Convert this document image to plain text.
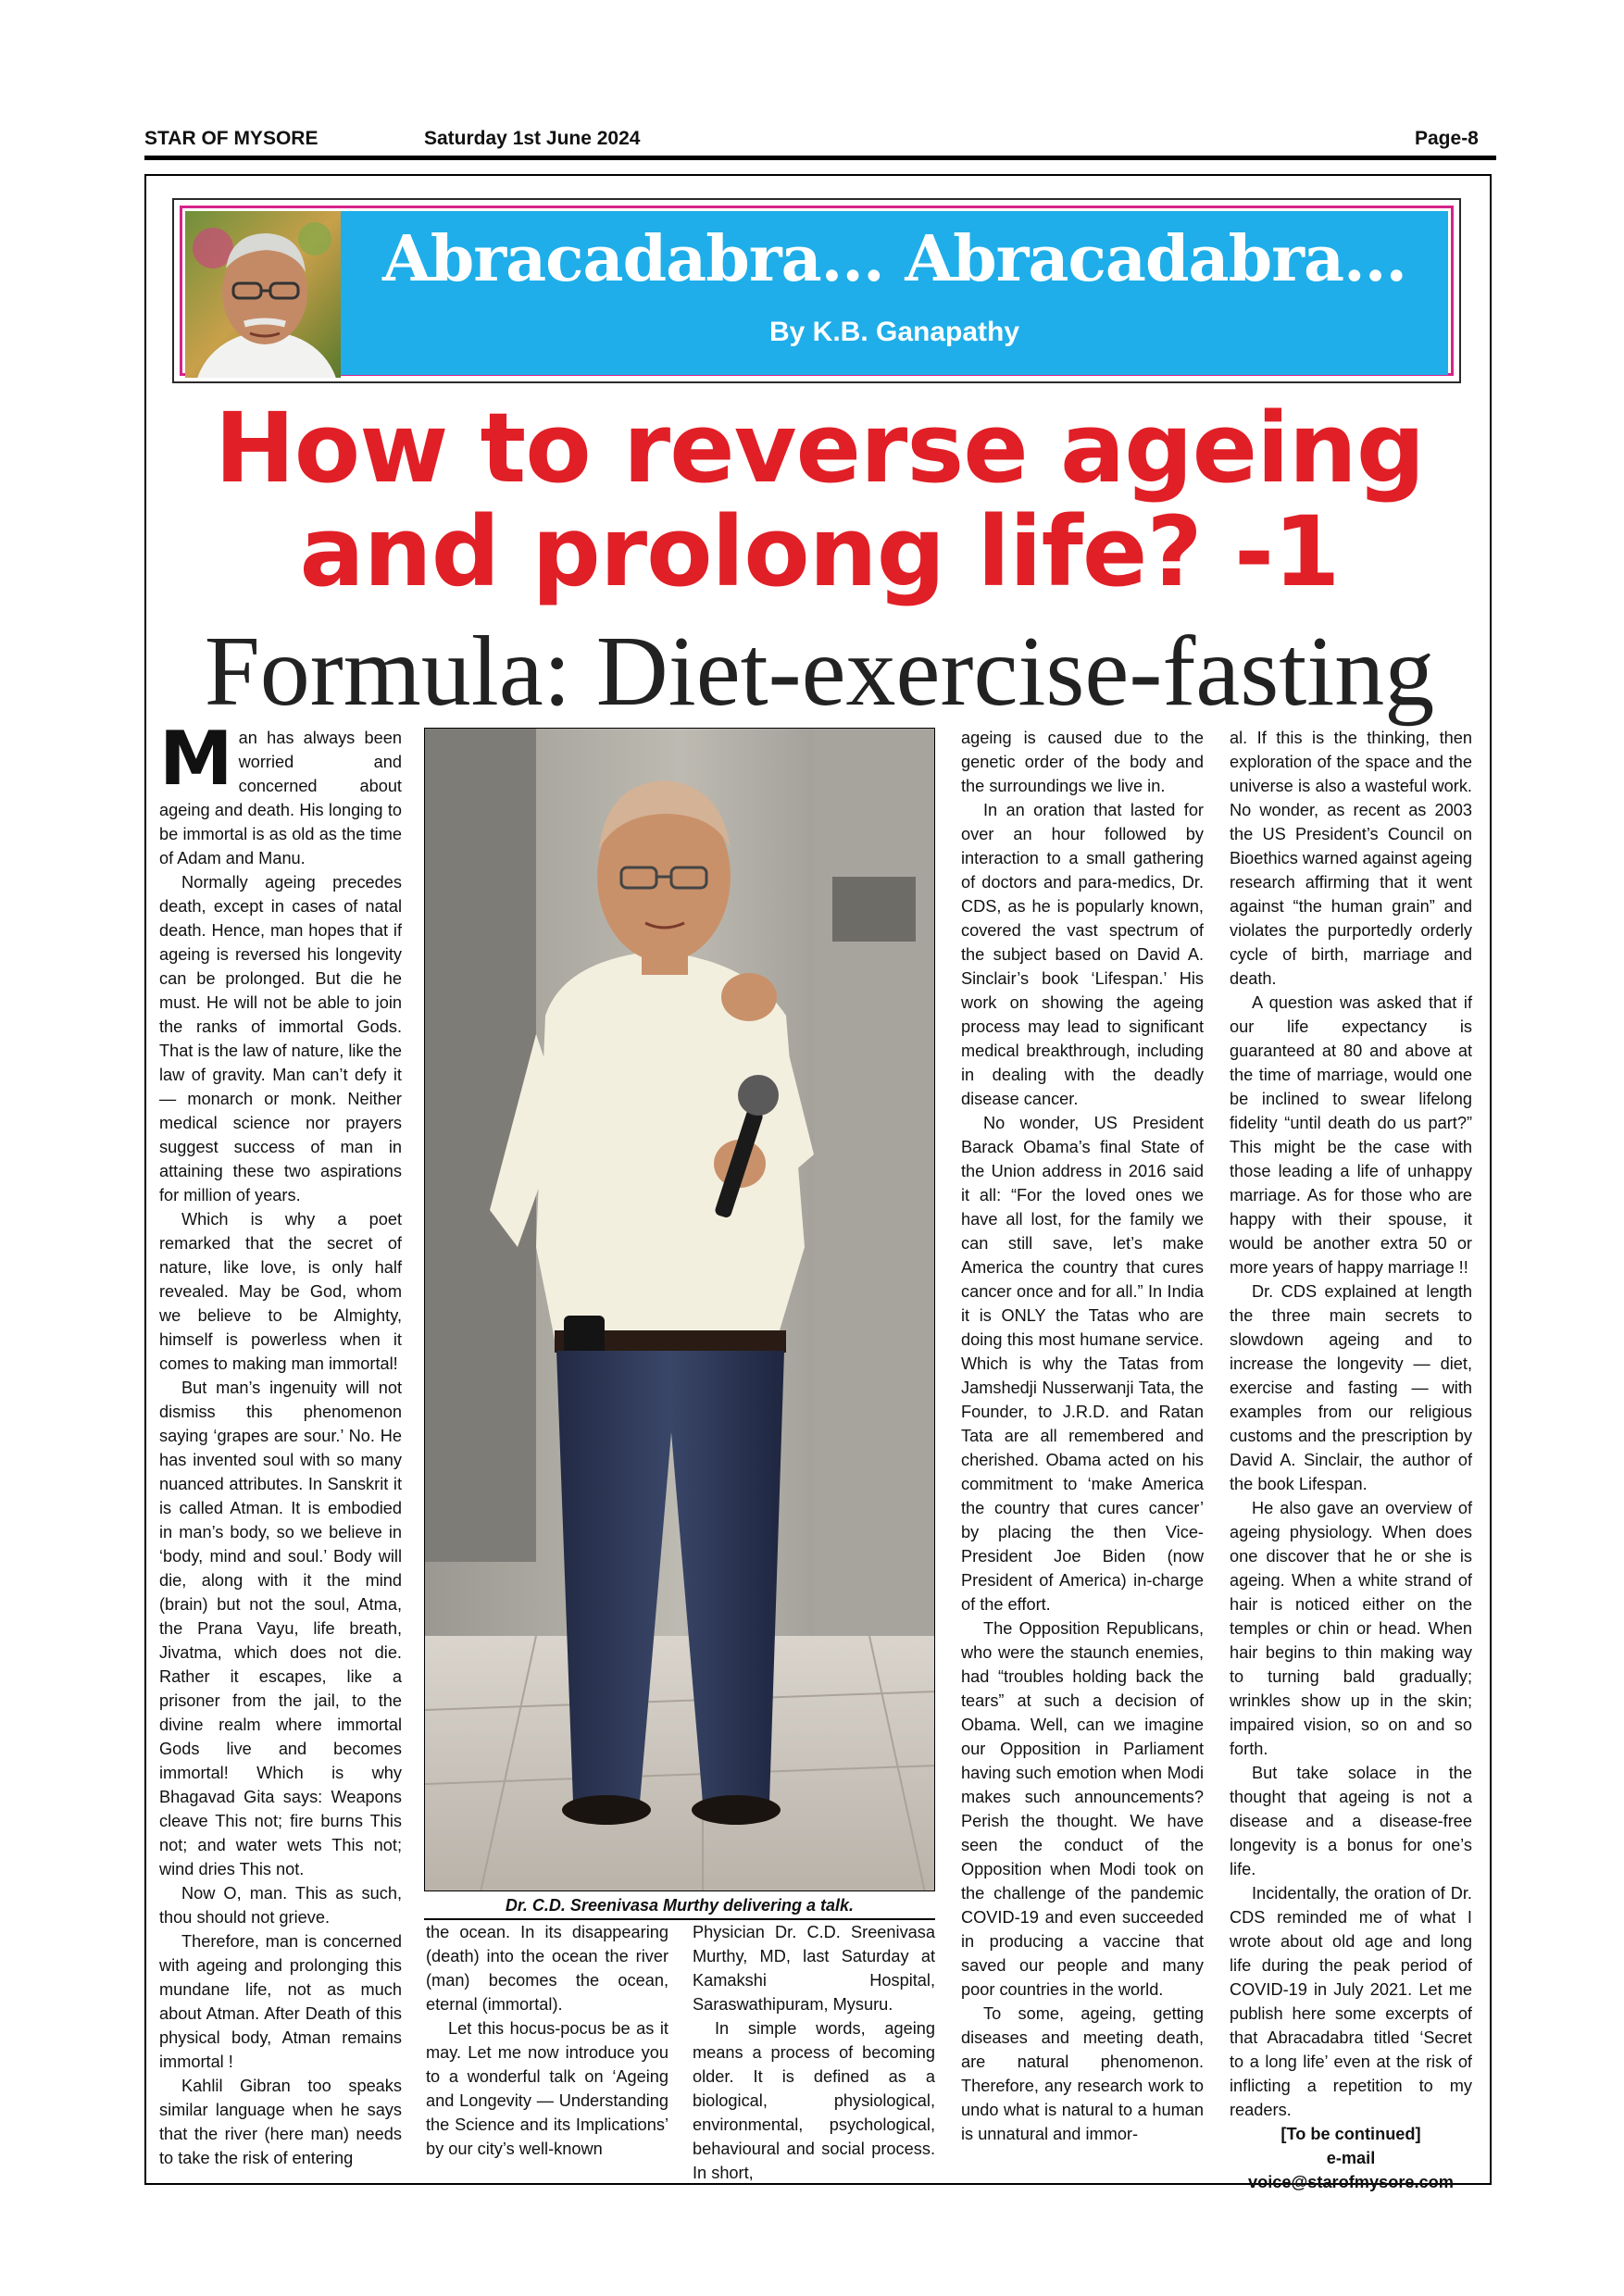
STAR OF MYSORE	Saturday 1st June 2024	Page-8
Abracadabra... Abracadabra...
By K.B. Ganapathy
How to reverse ageing
and prolong life? -1
Formula: Diet-exercise-fasting

Man has always been worried and concerned about ageing and death. His longing to be immortal is as old as the time of Adam and Manu.

Normally ageing precedes death, except in cases of natal death. Hence, man hopes that if ageing is reversed his longevity can be prolonged. But die he must. He will not be able to join the ranks of immortal Gods. That is the law of nature, like the law of gravity. Man can’t defy it — monarch or monk. Neither medical science nor prayers suggest success of man in attaining these two aspirations for million of years.

Which is why a poet remarked that the secret of nature, like love, is only half revealed. May be God, whom we believe to be Almighty, himself is powerless when it comes to making man immortal!

But man’s ingenuity will not dismiss this phenomenon saying ‘grapes are sour.’ No. He has invented soul with so many nuanced attributes. In Sanskrit it is called Atman. It is embodied in man’s body, so we believe in ‘body, mind and soul.’ Body will die, along with it the mind (brain) but not the soul, Atma, the Prana Vayu, life breath, Jivatma, which does not die. Rather it escapes, like a prisoner from the jail, to the divine realm where immortal Gods live and becomes immortal! Which is why Bhagavad Gita says: Weapons cleave This not; fire burns This not; and water wets This not; wind dries This not.

Now O, man. This as such, thou should not grieve.

Therefore, man is concerned with ageing and prolonging this mundane life, not as much about Atman. After Death of this physical body, Atman remains immortal !

Kahlil Gibran too speaks similar language when he says that the river (here man) needs to take the risk of entering

Dr. C.D. Sreenivasa Murthy delivering a talk.

the ocean. In its disappearing (death) into the ocean the river (man) becomes the ocean, eternal (immortal).

Let this hocus-pocus be as it may. Let me now introduce you to a wonderful talk on ‘Ageing and Longevity — Understanding the Science and its Implications’ by our city’s well-known

Physician Dr. C.D. Sreenivasa Murthy, MD, last Saturday at Kamakshi Hospital, Saraswathipuram, Mysuru.

In simple words, ageing means a process of becoming older. It is defined as a biological, physiological, environmental, psychological, behavioural and social process. In short,

ageing is caused due to the genetic order of the body and the surroundings we live in.

In an oration that lasted for over an hour followed by interaction to a small gathering of doctors and para-medics, Dr. CDS, as he is popularly known, covered the vast spectrum of the subject based on David A. Sinclair’s book ‘Lifespan.’ His work on showing the ageing process may lead to significant medical breakthrough, including in dealing with the deadly disease cancer.

No wonder, US President Barack Obama’s final State of the Union address in 2016 said it all: “For the loved ones we have all lost, for the family we can still save, let’s make America the country that cures cancer once and for all.” In India it is ONLY the Tatas who are doing this most humane service. Which is why the Tatas from Jamshedji Nusserwanji Tata, the Founder, to J.R.D. and Ratan Tata are all remembered and cherished. Obama acted on his commitment to ‘make America the country that cures cancer’ by placing the then Vice-President Joe Biden (now President of America) in-charge of the effort.

The Opposition Republicans, who were the staunch enemies, had “troubles holding back the tears” at such a decision of Obama. Well, can we imagine our Opposition in Parliament having such emotion when Modi makes such announcements? Perish the thought. We have seen the conduct of the Opposition when Modi took on the challenge of the pandemic COVID-19 and even succeeded in producing a vaccine that saved our people and many poor countries in the world.

To some, ageing, getting diseases and meeting death, are natural phenomenon. Therefore, any research work to undo what is natural to a human is unnatural and immor-

al. If this is the thinking, then exploration of the space and the universe is also a wasteful work. No wonder, as recent as 2003 the US President’s Council on Bioethics warned against ageing research affirming that it went against “the human grain” and violates the purportedly orderly cycle of birth, marriage and death.

A question was asked that if our life expectancy is guaranteed at 80 and above at the time of marriage, would one be inclined to swear lifelong fidelity “until death do us part?” This might be the case with those leading a life of unhappy marriage. As for those who are happy with their spouse, it would be another extra 50 or more years of happy marriage !!

Dr. CDS explained at length the three main secrets to slowdown ageing and to increase the longevity — diet, exercise and fasting — with examples from our religious customs and the prescription by David A. Sinclair, the author of the book Lifespan.

He also gave an overview of ageing physiology. When does one discover that he or she is ageing. When a white strand of hair is noticed either on the temples or chin or head. When hair begins to thin making way to turning bald gradually; wrinkles show up in the skin; impaired vision, so on and so forth.

But take solace in the thought that ageing is not a disease and a disease-free longevity is a bonus for one’s life.

Incidentally, the oration of Dr. CDS reminded me of what I wrote about old age and long life during the peak period of COVID-19 in July 2021. Let me publish here some excerpts of that Abracadabra titled ‘Secret to a long life’ even at the risk of inflicting a repetition to my readers.

[To be continued]

e-mail

voice@starofmysore.com
